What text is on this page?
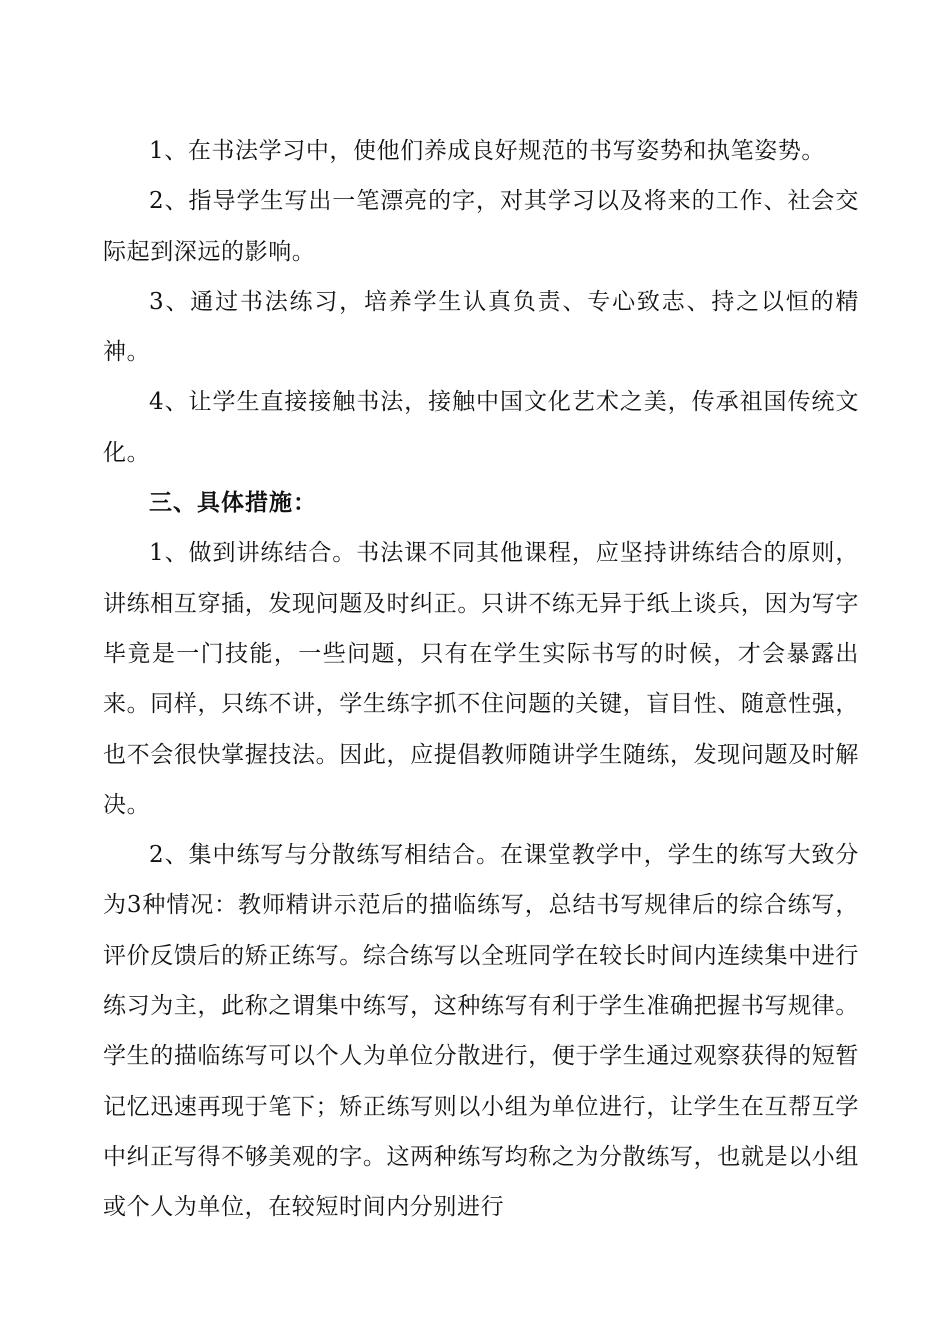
1、在书法学习中，使他们养成良好规范的书写姿势和执笔姿势。

2、指导学生写出一笔漂亮的字，对其学习以及将来的工作、社会交际起到深远的影响。

3、通过书法练习，培养学生认真负责、专心致志、持之以恒的精神。

4、让学生直接接触书法，接触中国文化艺术之美，传承祖国传统文化。

三、具体措施：

1、做到讲练结合。书法课不同其他课程，应坚持讲练结合的原则，讲练相互穿插，发现问题及时纠正。只讲不练无异于纸上谈兵，因为写字毕竟是一门技能，一些问题，只有在学生实际书写的时候，才会暴露出来。同样，只练不讲，学生练字抓不住问题的关键，盲目性、随意性强，也不会很快掌握技法。因此，应提倡教师随讲学生随练，发现问题及时解决。

2、集中练写与分散练写相结合。在课堂教学中，学生的练写大致分为3种情况：教师精讲示范后的描临练写，总结书写规律后的综合练写，评价反馈后的矫正练写。综合练写以全班同学在较长时间内连续集中进行练习为主，此称之谓集中练写，这种练写有利于学生准确把握书写规律。学生的描临练写可以个人为单位分散进行，便于学生通过观察获得的短暂记忆迅速再现于笔下；矫正练写则以小组为单位进行，让学生在互帮互学中纠正写得不够美观的字。这两种练写均称之为分散练写，也就是以小组或个人为单位，在较短时间内分别进行
